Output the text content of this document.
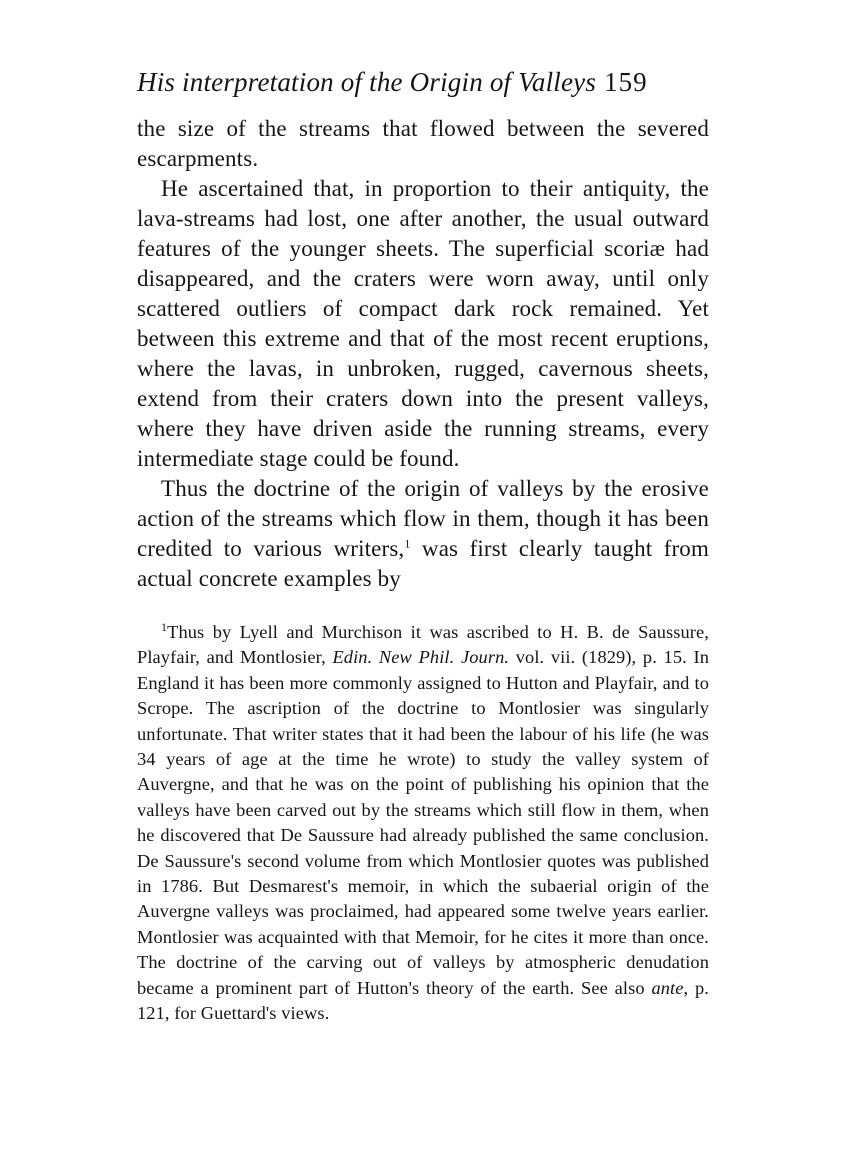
His interpretation of the Origin of Valleys 159

the size of the streams that flowed between the severed escarpments.

He ascertained that, in proportion to their antiquity, the lava-streams had lost, one after another, the usual outward features of the younger sheets. The superficial scoriæ had disappeared, and the craters were worn away, until only scattered outliers of compact dark rock remained. Yet between this extreme and that of the most recent eruptions, where the lavas, in unbroken, rugged, cavernous sheets, extend from their craters down into the present valleys, where they have driven aside the running streams, every intermediate stage could be found.

Thus the doctrine of the origin of valleys by the erosive action of the streams which flow in them, though it has been credited to various writers,$^1$ was first clearly taught from actual concrete examples by

$^1$Thus by Lyell and Murchison it was ascribed to H. B. de Saussure, Playfair, and Montlosier, Edin. New Phil. Journ. vol. vii. (1829), p. 15. In England it has been more commonly assigned to Hutton and Playfair, and to Scrope. The ascription of the doctrine to Montlosier was singularly unfortunate. That writer states that it had been the labour of his life (he was 34 years of age at the time he wrote) to study the valley system of Auvergne, and that he was on the point of publishing his opinion that the valleys have been carved out by the streams which still flow in them, when he discovered that De Saussure had already published the same conclusion. De Saussure's second volume from which Montlosier quotes was published in 1786. But Desmarest's memoir, in which the subaerial origin of the Auvergne valleys was proclaimed, had appeared some twelve years earlier. Montlosier was acquainted with that Memoir, for he cites it more than once. The doctrine of the carving out of valleys by atmospheric denudation became a prominent part of Hutton's theory of the earth. See also ante, p. 121, for Guettard's views.
